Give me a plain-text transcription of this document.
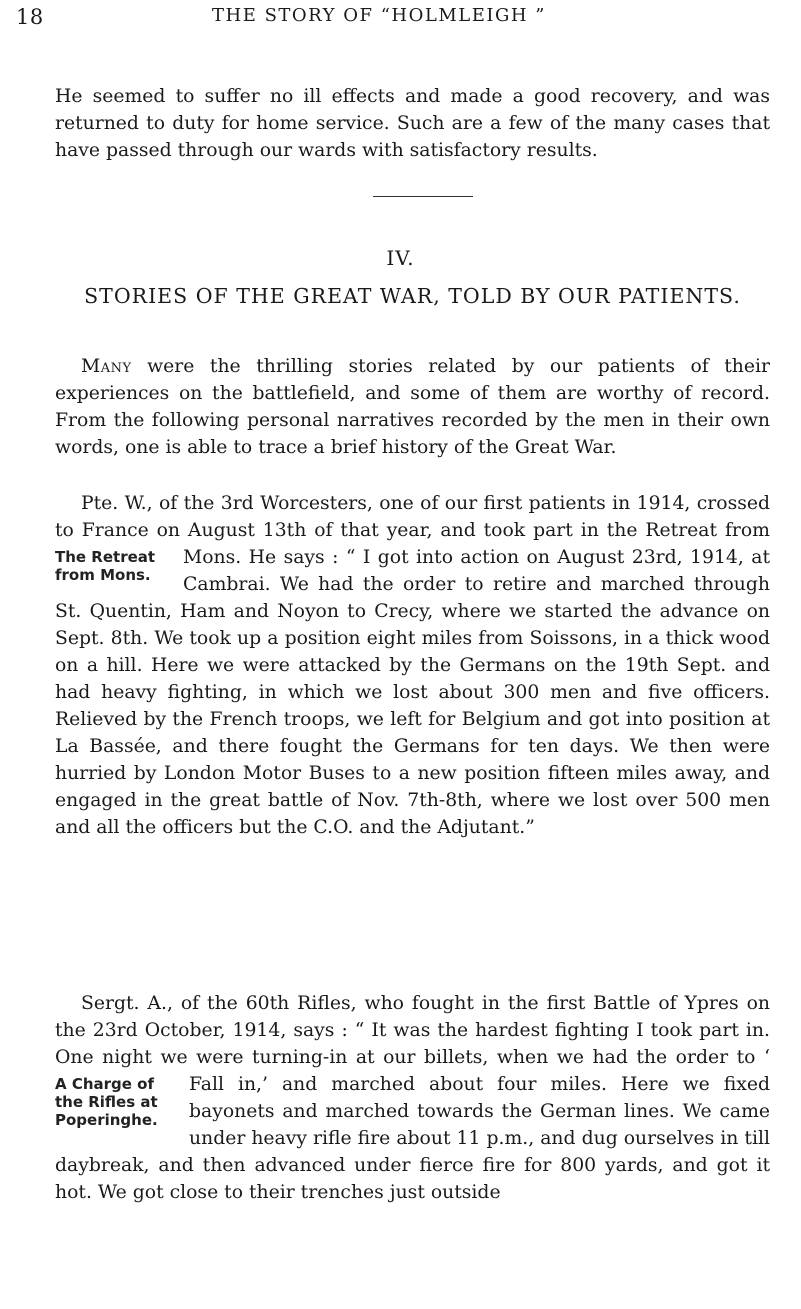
18	THE STORY OF “HOLMLEIGH ”

He seemed to suffer no ill effects and made a good recovery, and was returned to duty for home service. Such are a few of the many cases that have passed through our wards with satisfactory results.

IV.

STORIES OF THE GREAT WAR, TOLD BY OUR PATIENTS.

Many were the thrilling stories related by our patients of their experiences on the battlefield, and some of them are worthy of record. From the following personal narratives recorded by the men in their own words, one is able to trace a brief history of the Great War.

The Retreat
from Mons.
Pte. W., of the 3rd Worcesters, one of our first patients in 1914, crossed to France on August 13th of that year, and took part in the Retreat from Mons. He says : “ I got into action on August 23rd, 1914, at Cambrai. We had the order to retire and marched through St. Quentin, Ham and Noyon to Crecy, where we started the advance on Sept. 8th. We took up a position eight miles from Soissons, in a thick wood on a hill. Here we were attacked by the Germans on the 19th Sept. and had heavy fighting, in which we lost about 300 men and five officers. Relieved by the French troops, we left for Belgium and got into position at La Bassée, and there fought the Germans for ten days. We then were hurried by London Motor Buses to a new position fifteen miles away, and engaged in the great battle of Nov. 7th-8th, where we lost over 500 men and all the officers but the C.O. and the Adjutant.”

A Charge of
the Rifles at
Poperinghe.
Sergt. A., of the 60th Rifles, who fought in the first Battle of Ypres on the 23rd October, 1914, says : “ It was the hardest fighting I took part in. One night we were turning-in at our billets, when we had the order to ‘ Fall in,’ and marched about four miles. Here we fixed bayonets and marched towards the German lines. We came under heavy rifle fire about 11 p.m., and dug ourselves in till daybreak, and then advanced under fierce fire for 800 yards, and got it hot. We got close to their trenches just outside
